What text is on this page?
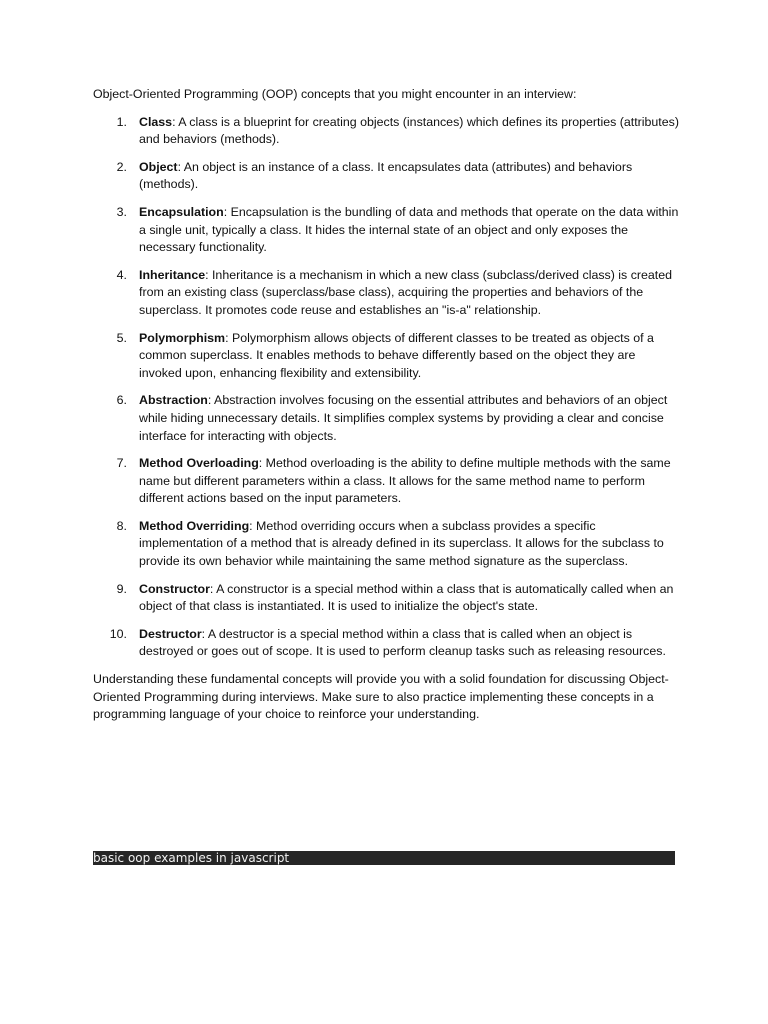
Object-Oriented Programming (OOP) concepts that you might encounter in an interview:

1. Class: A class is a blueprint for creating objects (instances) which defines its properties (attributes) and behaviors (methods).
2. Object: An object is an instance of a class. It encapsulates data (attributes) and behaviors (methods).
3. Encapsulation: Encapsulation is the bundling of data and methods that operate on the data within a single unit, typically a class. It hides the internal state of an object and only exposes the necessary functionality.
4. Inheritance: Inheritance is a mechanism in which a new class (subclass/derived class) is created from an existing class (superclass/base class), acquiring the properties and behaviors of the superclass. It promotes code reuse and establishes an "is-a" relationship.
5. Polymorphism: Polymorphism allows objects of different classes to be treated as objects of a common superclass. It enables methods to behave differently based on the object they are invoked upon, enhancing flexibility and extensibility.
6. Abstraction: Abstraction involves focusing on the essential attributes and behaviors of an object while hiding unnecessary details. It simplifies complex systems by providing a clear and concise interface for interacting with objects.
7. Method Overloading: Method overloading is the ability to define multiple methods with the same name but different parameters within a class. It allows for the same method name to perform different actions based on the input parameters.
8. Method Overriding: Method overriding occurs when a subclass provides a specific implementation of a method that is already defined in its superclass. It allows for the subclass to provide its own behavior while maintaining the same method signature as the superclass.
9. Constructor: A constructor is a special method within a class that is automatically called when an object of that class is instantiated. It is used to initialize the object's state.
10. Destructor: A destructor is a special method within a class that is called when an object is destroyed or goes out of scope. It is used to perform cleanup tasks such as releasing resources.

Understanding these fundamental concepts will provide you with a solid foundation for discussing Object-Oriented Programming during interviews. Make sure to also practice implementing these concepts in a programming language of your choice to reinforce your understanding.

basic oop examples in javascript
